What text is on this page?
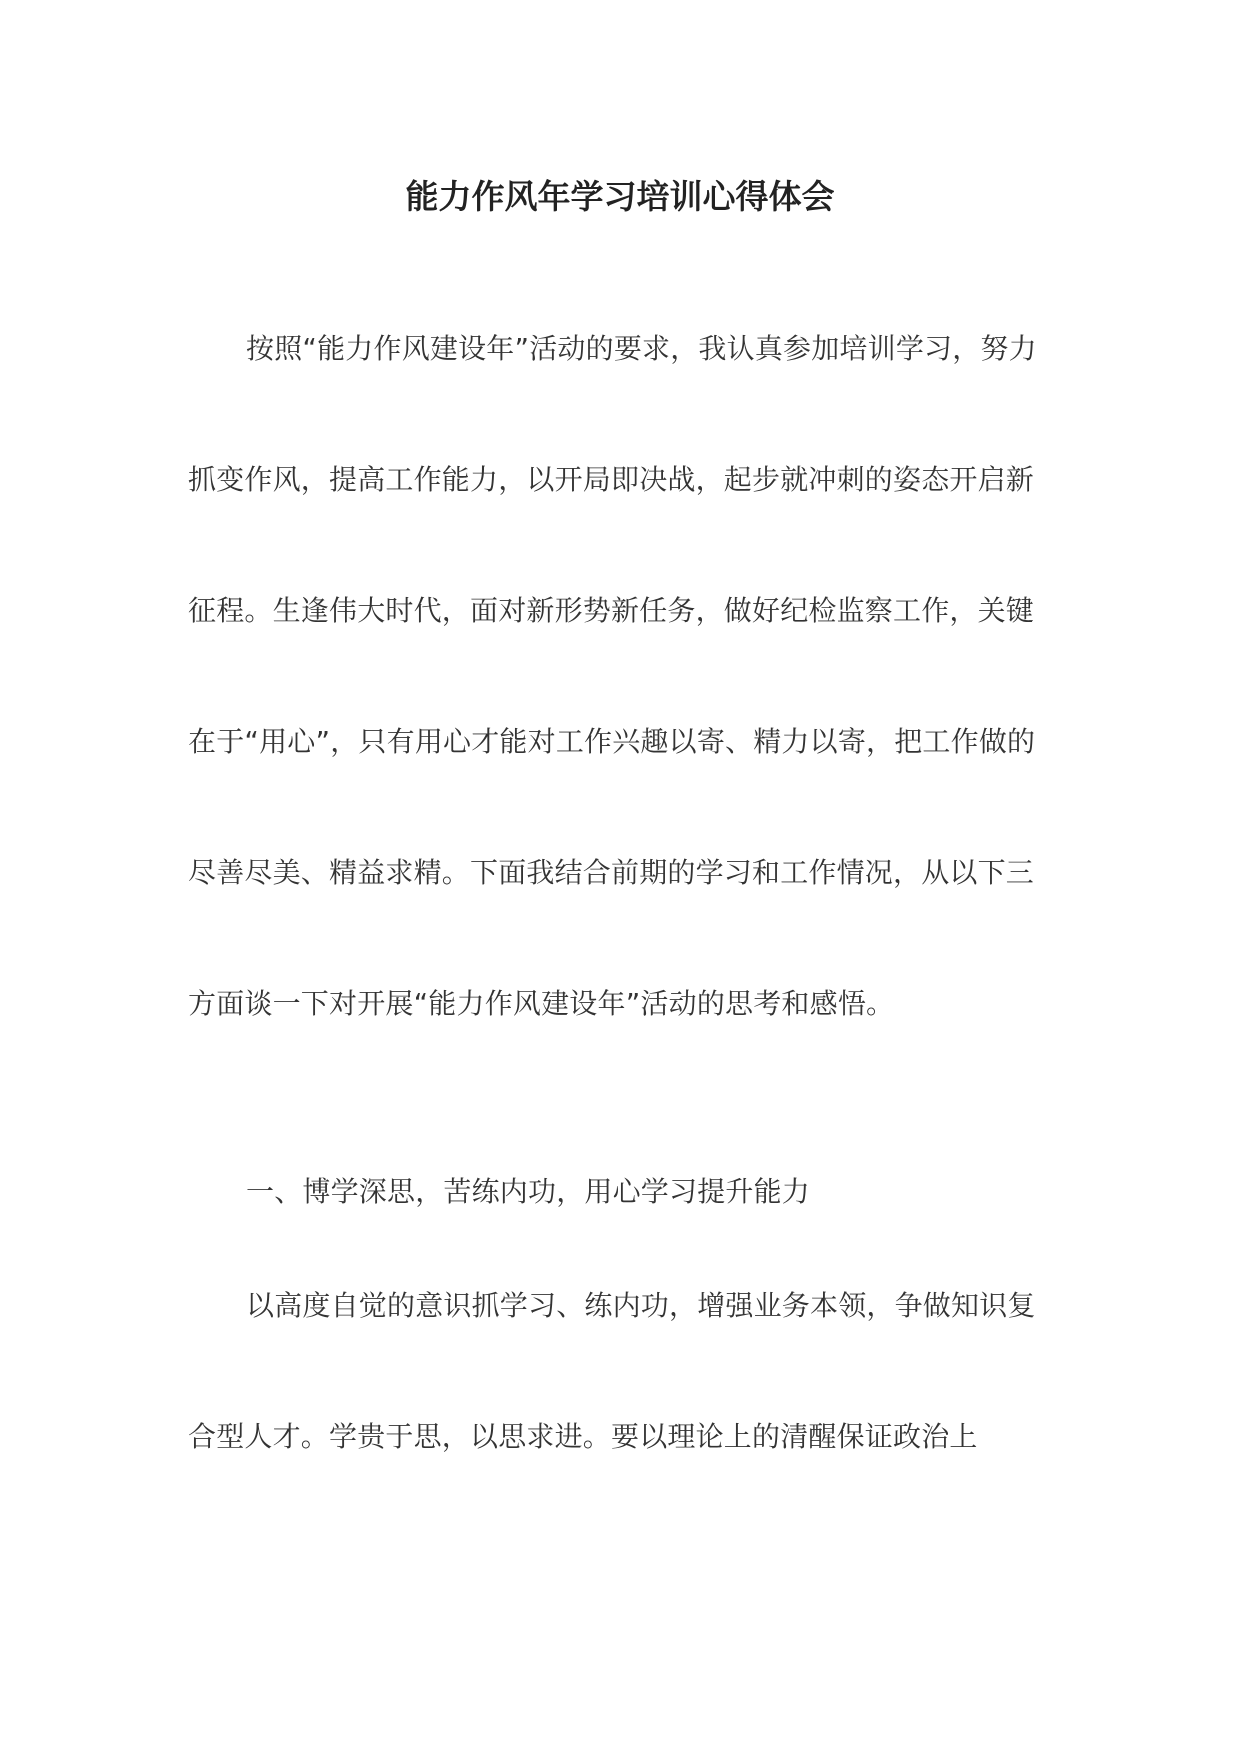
能力作风年学习培训心得体会

按照“能力作风建设年”活动的要求，我认真参加培训学习，努力抓变作风，提高工作能力，以开局即决战，起步就冲刺的姿态开启新征程。生逢伟大时代，面对新形势新任务，做好纪检监察工作，关键在于“用心”，只有用心才能对工作兴趣以寄、精力以寄，把工作做的尽善尽美、精益求精。下面我结合前期的学习和工作情况，从以下三方面谈一下对开展“能力作风建设年”活动的思考和感悟。

一、博学深思，苦练内功，用心学习提升能力

以高度自觉的意识抓学习、练内功，增强业务本领，争做知识复合型人才。学贵于思，以思求进。要以理论上的清醒保证政治上
